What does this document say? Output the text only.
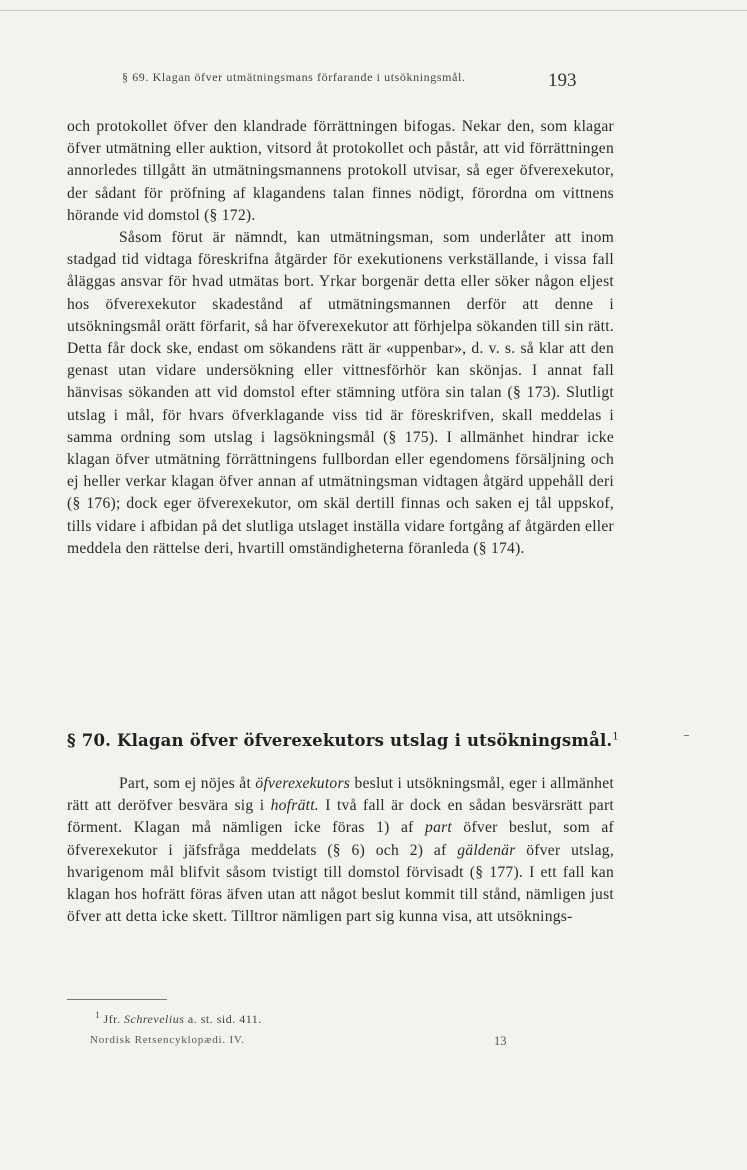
§ 69. Klagan öfver utmätningsmans förfarande i utsökningsmål.	193

och protokollet öfver den klandrade förrättningen bifogas. Nekar den, som klagar öfver utmätning eller auktion, vitsord åt protokollet och påstår, att vid förrättningen annorledes tillgått än utmätningsmannens protokoll utvisar, så eger öfverexekutor, der sådant för pröfning af klagandens talan finnes nödigt, förordna om vittnens hörande vid domstol (§ 172).

Såsom förut är nämndt, kan utmätningsman, som underlåter att inom stadgad tid vidtaga föreskrifna åtgärder för exekutionens verkställande, i vissa fall åläggas ansvar för hvad utmätas bort. Yrkar borgenär detta eller söker någon eljest hos öfverexekutor skadestånd af utmätningsmannen derför att denne i utsökningsmål orätt förfarit, så har öfverexekutor att förhjelpa sökanden till sin rätt. Detta får dock ske, endast om sökandens rätt är «uppenbar», d. v. s. så klar att den genast utan vidare undersökning eller vittnesförhör kan skönjas. I annat fall hänvisas sökanden att vid domstol efter stämning utföra sin talan (§ 173). Slutligt utslag i mål, för hvars öfverklagande viss tid är föreskrifven, skall meddelas i samma ordning som utslag i lagsökningsmål (§ 175). I allmänhet hindrar icke klagan öfver utmätning förrättningens fullbordan eller egendomens försäljning och ej heller verkar klagan öfver annan af utmätningsman vidtagen åtgärd uppehåll deri (§ 176); dock eger öfverexekutor, om skäl dertill finnas och saken ej tål uppskof, tills vidare i afbidan på det slutliga utslaget inställa vidare fortgång af åtgärden eller meddela den rättelse deri, hvartill omständigheterna föranleda (§ 174).

§ 70. Klagan öfver öfverexekutors utslag i utsökningsmål.$^1$

Part, som ej nöjes åt öfverexekutors beslut i utsökningsmål, eger i allmänhet rätt att deröfver besvära sig i hofrätt. I två fall är dock en sådan besvärsrätt part förment. Klagan må nämligen icke föras 1) af part öfver beslut, som af öfverexekutor i jäfsfråga meddelats (§ 6) och 2) af gäldenär öfver utslag, hvarigenom mål blifvit såsom tvistigt till domstol förvisadt (§ 177). I ett fall kan klagan hos hofrätt föras äfven utan att något beslut kommit till stånd, nämligen just öfver att detta icke skett. Tilltror nämligen part sig kunna visa, att utsöknings-

$^1$ Jfr. Schrevelius a. st. sid. 411.
Nordisk Retsencyklopædi. IV.	13
